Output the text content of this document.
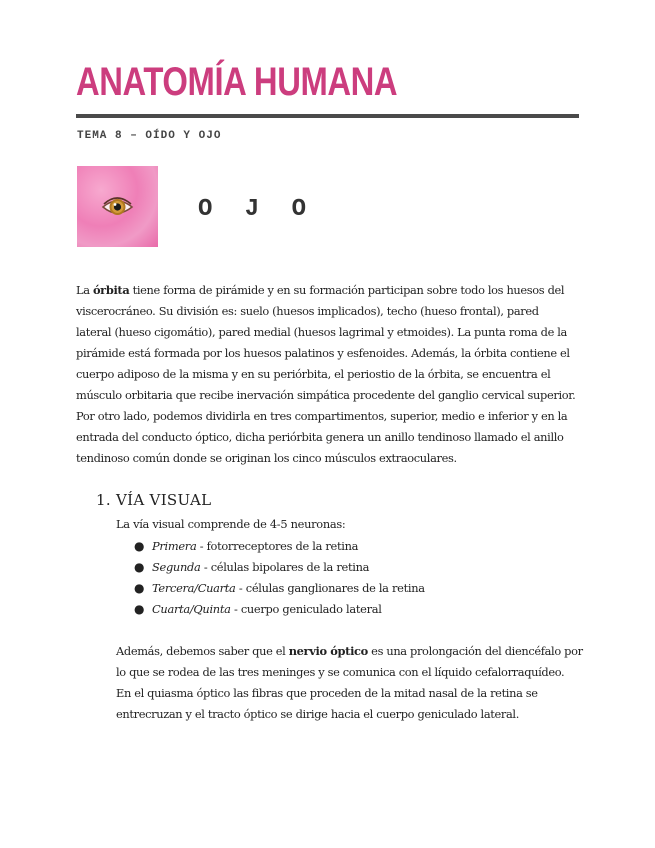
ANATOMÍA HUMANA
TEMA 8 – OÍDO Y OJO
O J O

La órbita tiene forma de pirámide y en su formación participan sobre todo los huesos del viscerocráneo. Su división es: suelo (huesos implicados), techo (hueso frontal), pared lateral (hueso cigomátio), pared medial (huesos lagrimal y etmoides). La punta roma de la pirámide está formada por los huesos palatinos y esfenoides. Además, la órbita contiene el cuerpo adiposo de la misma y en su periórbita, el periostio de la órbita, se encuentra el músculo orbitaria que recibe inervación simpática procedente del ganglio cervical superior. Por otro lado, podemos dividirla en tres compartimentos, superior, medio e inferior y en la entrada del conducto óptico, dicha periórbita genera un anillo tendinoso llamado el anillo tendinoso común donde se originan los cinco músculos extraoculares.

1. VÍA VISUAL

La vía visual comprende de 4-5 neuronas:

● Primera - fotorreceptores de la retina
● Segunda - células bipolares de la retina
● Tercera/Cuarta - células ganglionares de la retina
● Cuarta/Quinta - cuerpo geniculado lateral
Además, debemos saber que el nervio óptico es una prolongación del diencéfalo por lo que se rodea de las tres meninges y se comunica con el líquido cefalorraquídeo.
En el quiasma óptico las fibras que proceden de la mitad nasal de la retina se entrecruzan y el tracto óptico se dirige hacia el cuerpo geniculado lateral.
